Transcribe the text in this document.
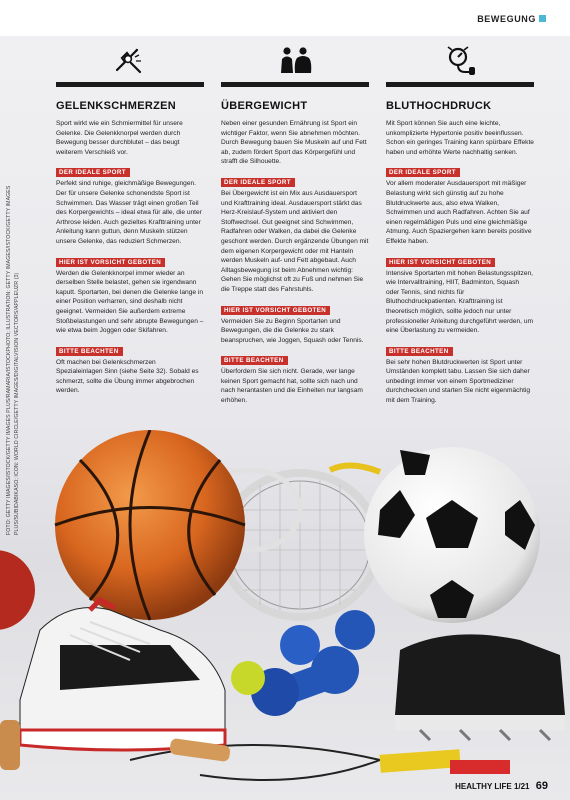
BEWEGUNG
FOTO: GETTY IMAGES/ISTOCK/GETTY IMAGES PLUS/RAMARIA/ISTOCKPHOTO; ILLUSTRATION: GETTY IMAGES/ISTOCK/GETTY IMAGES PLUS/SUBIDABIKASO; ICON: WORLD CIRCLE/GETTY IMAGES/DIGITALVISION VECTORS/APPLEUZR (3)
GELENKSCHMERZEN

Sport wirkt wie ein Schmiermittel für unsere Gelenke. Die Gelenkknorpel werden durch Bewegung besser durchblutet – das beugt weiterem Verschleiß vor.

DER IDEALE SPORT

Perfekt sind ruhige, gleichmäßige Bewegungen. Der für unsere Gelenke schonendste Sport ist Schwimmen. Das Wasser trägt einen großen Teil des Korpergewichts – ideal etwa für alle, die unter Arthrose leiden. Auch gezieltes Krafttraining unter Anleitung kann guttun, denn Muskeln stützen unsere Gelenke, das reduziert Schmerzen.

HIER IST VORSICHT GEBOTEN

Werden die Gelenkknorpel immer wieder an derselben Stelle belastet, gehen sie irgendwann kaputt. Sportarten, bei denen die Gelenke lange in einer Position verharren, sind deshalb nicht geeignet. Vermeiden Sie außerdem extreme Stoßbelastungen und sehr abrupte Bewegungen – wie etwa beim Joggen oder Skifahren.

BITTE BEACHTEN

Oft machen bei Gelenkschmerzen Spezialeinlagen Sinn (siehe Seite 32). Sobald es schmerzt, sollte die Übung immer abgebrochen werden.

ÜBERGEWICHT

Neben einer gesunden Ernährung ist Sport ein wichtiger Faktor, wenn Sie abnehmen möchten. Durch Bewegung bauen Sie Muskeln auf und Fett ab, zudem fördert Sport das Körpergefühl und strafft die Silhouette.

DER IDEALE SPORT

Bei Übergewicht ist ein Mix aus Ausdauersport und Krafttraining ideal. Ausdauersport stärkt das Herz-Kreislauf-System und aktiviert den Stoffwechsel. Gut geeignet sind Schwimmen, Radfahren oder Walken, da dabei die Gelenke geschont werden. Durch ergänzende Übungen mit dem eigenen Korpergewicht oder mit Hanteln werden Muskeln auf- und Fett abgebaut. Auch Alltagsbewegung ist beim Abnehmen wichtig: Gehen Sie möglichst oft zu Fuß und nehmen Sie die Treppe statt des Fahrstuhls.

HIER IST VORSICHT GEBOTEN

Vermeiden Sie zu Beginn Sportarten und Bewegungen, die die Gelenke zu stark beanspruchen, wie Joggen, Squash oder Tennis.

BITTE BEACHTEN

Überfordern Sie sich nicht. Gerade, wer lange keinen Sport gemacht hat, sollte sich nach und nach herantasten und die Einheiten nur langsam erhöhen.

BLUTHOCHDRUCK

Mit Sport können Sie auch eine leichte, unkomplizierte Hypertonie positiv beeinflussen. Schon ein geringes Training kann spürbare Effekte haben und erhöhte Werte nachhaltig senken.

DER IDEALE SPORT

Vor allem moderater Ausdauersport mit mäßiger Belastung wirkt sich günstig auf zu hohe Blutdruckwerte aus, also etwa Walken, Schwimmen und auch Radfahren. Achten Sie auf einen regelmäßigen Puls und eine gleichmäßige Atmung. Auch Spaziergehen kann bereits positive Effekte haben.

HIER IST VORSICHT GEBOTEN

Intensive Sportarten mit hohen Belastungsspitzen, wie Intervalltraining, HIIT, Badminton, Squash oder Tennis, sind nichts für Bluthochdruckpatienten. Krafttraining ist theoretisch möglich, sollte jedoch nur unter professioneller Anleitung durchgeführt werden, um eine Überlastung zu vermeiden.

BITTE BEACHTEN

Bei sehr hohen Blutdruckwerten ist Sport unter Umständen komplett tabu. Lassen Sie sich daher unbedingt immer von einem Sportmediziner durchchecken und starten Sie nicht eigenmächtig mit dem Training.

HEALTHY LIFE 1/21 69
